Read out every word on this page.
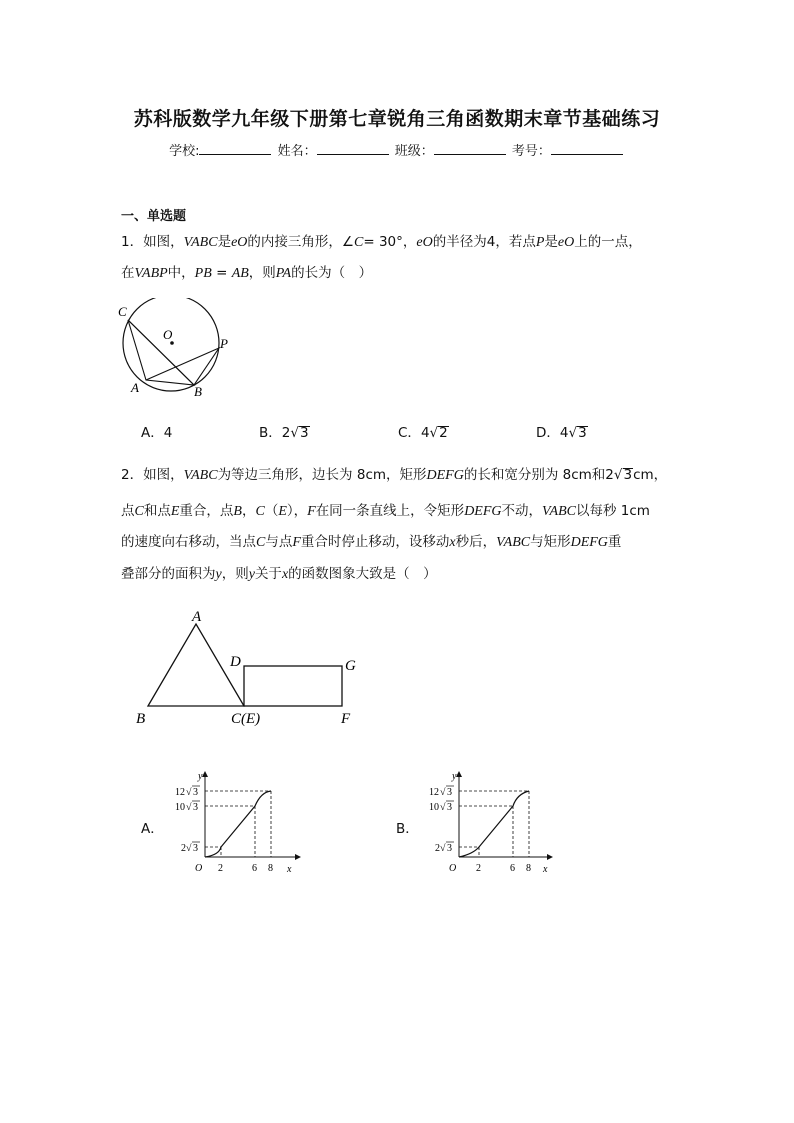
苏科版数学九年级下册第七章锐角三角函数期末章节基础练习
学校:	姓名：	班级：	考号：
一、单选题
1．如图，VABC是eO的内接三角形，∠C= 30°，eO的半径为4，若点P是eO上的一点，
在VABP中，PB = AB，则PA的长为（　）
C
O
P
A	B
A．4	B．2√3	C．4√2	D．4√3
2．如图，VABC为等边三角形，边长为 8cm，矩形DEFG的长和宽分别为 8cm和2√3cm，
点C和点E重合，点B，C（E），F在同一条直线上，令矩形DEFG不动，VABC以每秒 1cm
的速度向右移动，当点C与点F重合时停止移动，设移动x秒后，VABC与矩形DEFG重
叠部分的面积为y，则y关于x的函数图象大致是（　）
A
D	G
B	C(E)	F
A．	B．
y
x
O 2	6 8
12 √ 3
10 √ 3
2 √ 3
y
x
O 2	6 8
12 √ 3
10 √ 3
2 √ 3
